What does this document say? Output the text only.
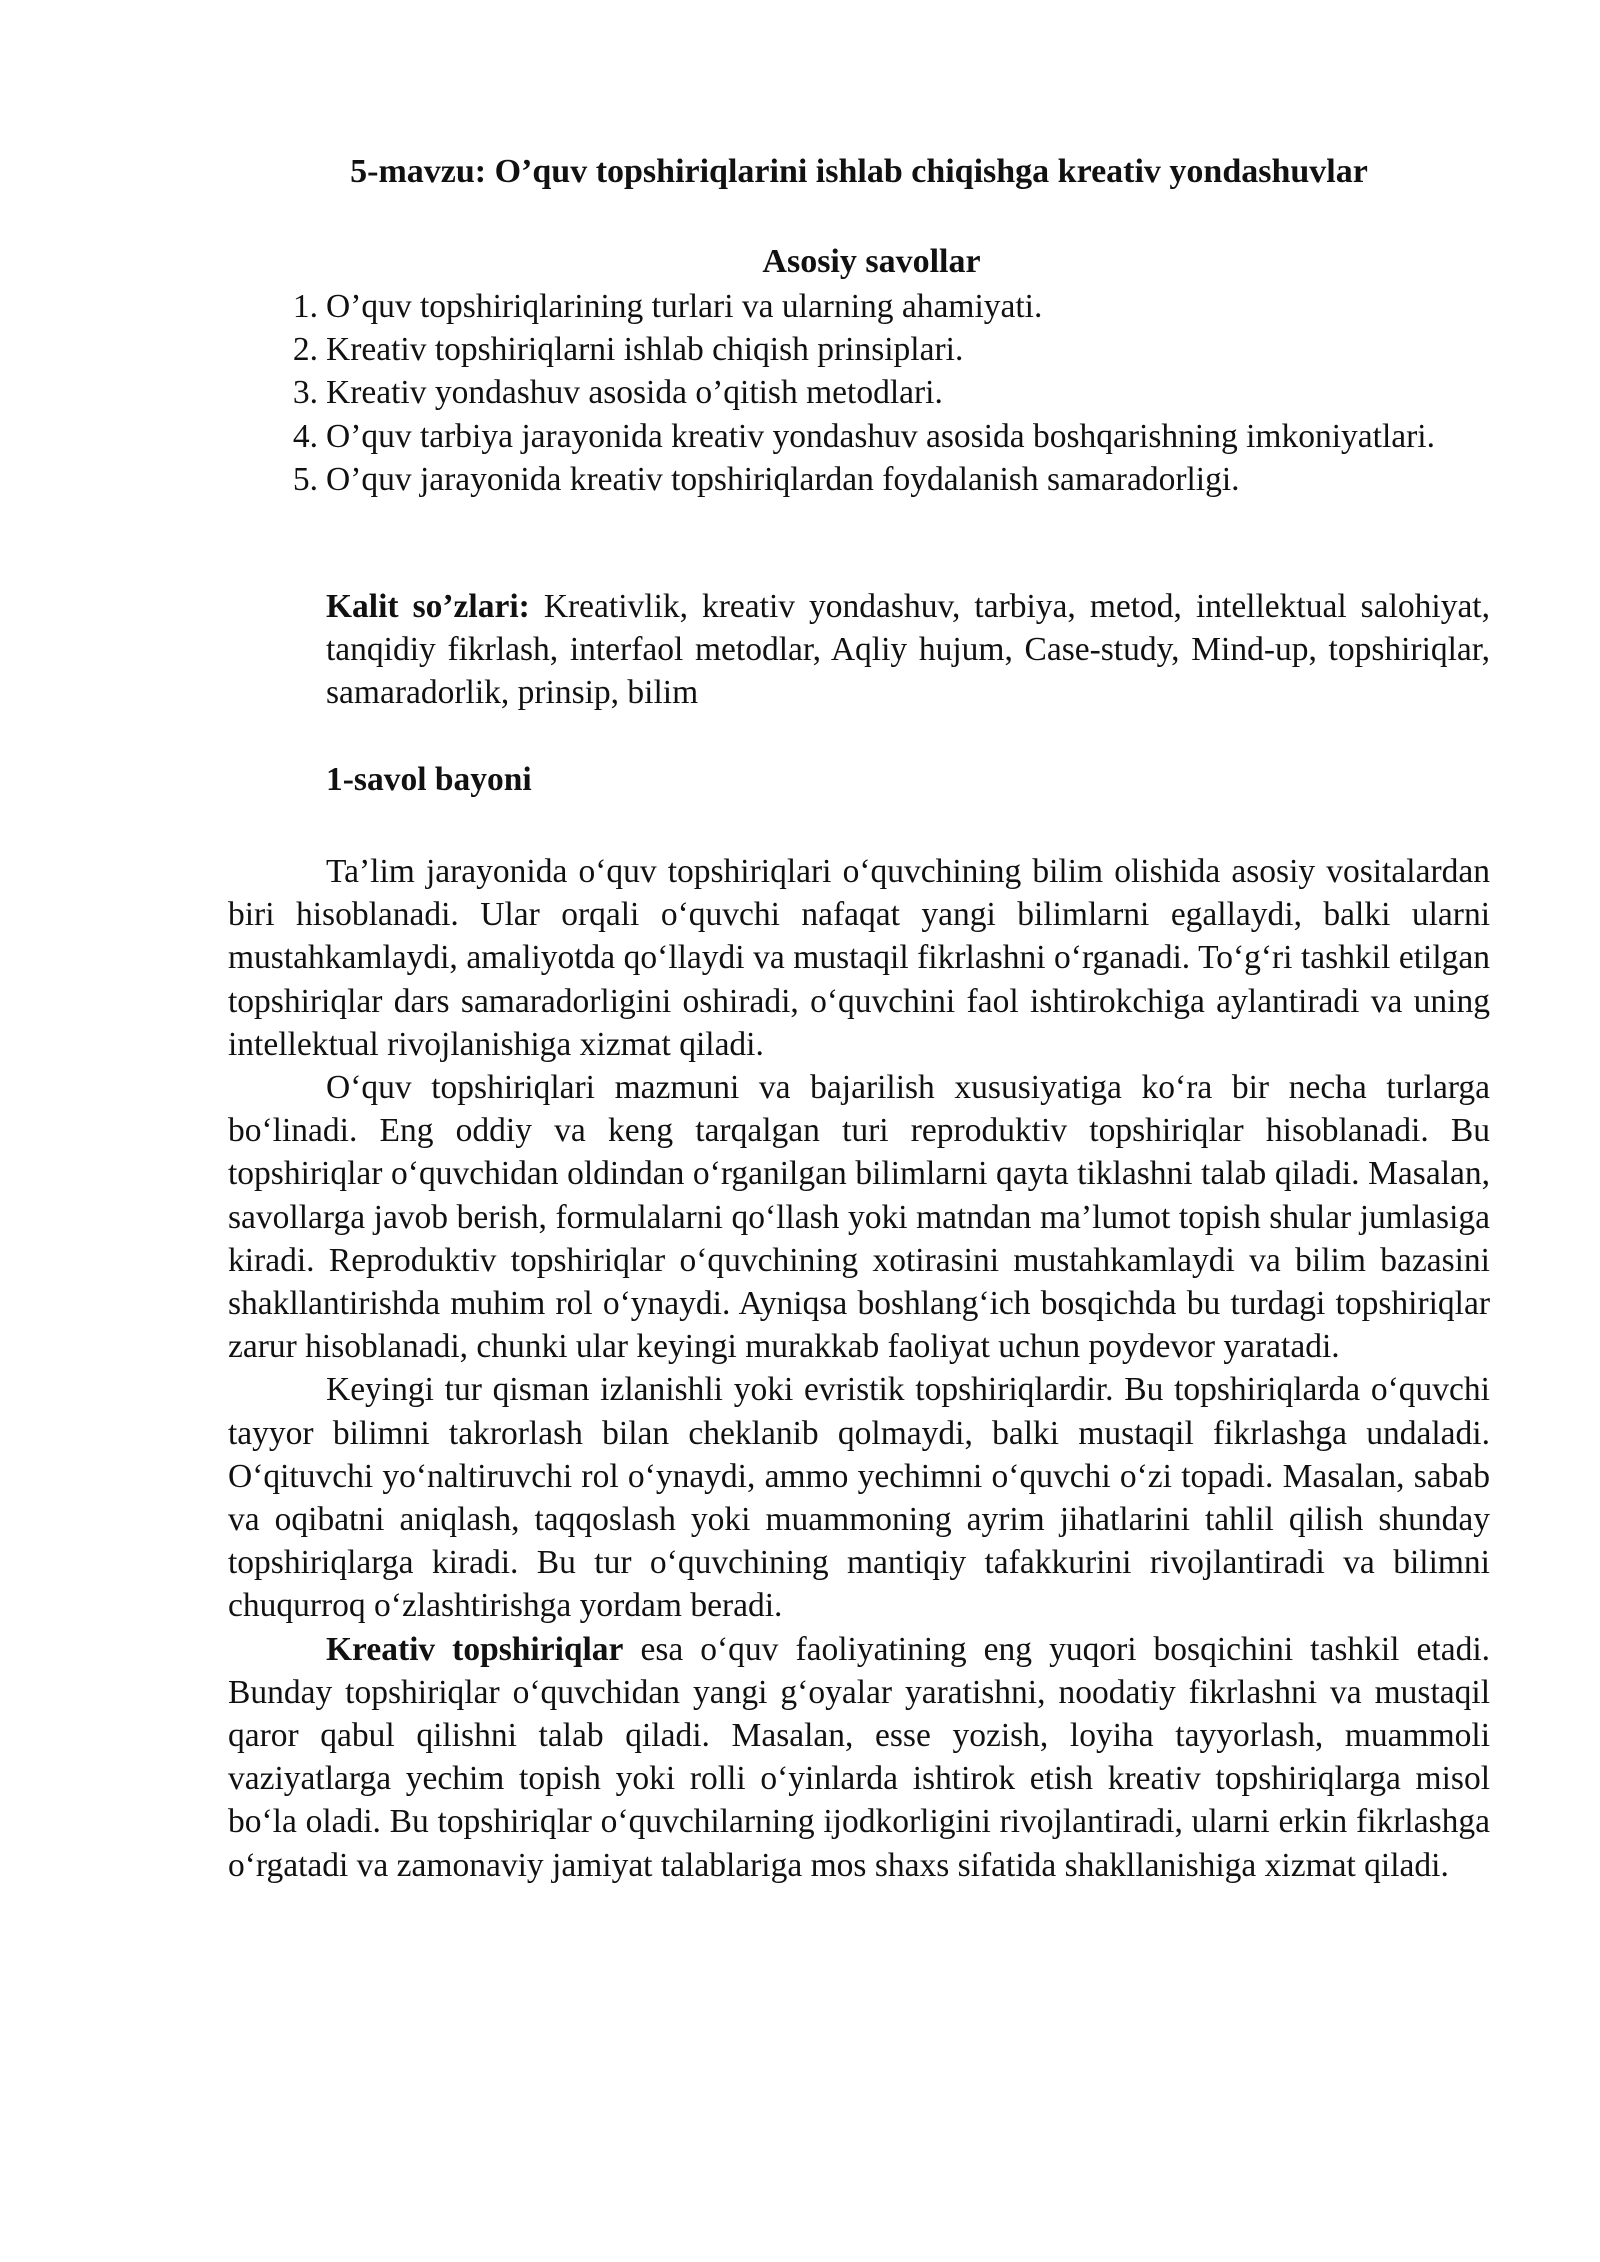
5-mavzu: O’quv topshiriqlarini ishlab chiqishga kreativ yondashuvlar
Asosiy savollar
1. O’quv topshiriqlarining turlari va ularning ahamiyati.
2. Kreativ topshiriqlarni ishlab chiqish prinsiplari.
3. Kreativ yondashuv asosida o’qitish metodlari.
4. O’quv tarbiya jarayonida kreativ yondashuv asosida boshqarishning imkoniyatlari.
5. O’quv jarayonida kreativ topshiriqlardan foydalanish samaradorligi.

Kalit so’zlari: Kreativlik, kreativ yondashuv, tarbiya, metod, intellektual salohiyat, tanqidiy fikrlash, interfaol metodlar, Aqliy hujum, Case-study, Mind-up, topshiriqlar, samaradorlik, prinsip, bilim

1-savol bayoni

Ta’lim jarayonida o‘quv topshiriqlari o‘quvchining bilim olishida asosiy vositalardan biri hisoblanadi. Ular orqali o‘quvchi nafaqat yangi bilimlarni egallaydi, balki ularni mustahkamlaydi, amaliyotda qo‘llaydi va mustaqil fikrlashni o‘rganadi. To‘g‘ri tashkil etilgan topshiriqlar dars samaradorligini oshiradi, o‘quvchini faol ishtirokchiga aylantiradi va uning intellektual rivojlanishiga xizmat qiladi.

O‘quv topshiriqlari mazmuni va bajarilish xususiyatiga ko‘ra bir necha turlarga bo‘linadi. Eng oddiy va keng tarqalgan turi reproduktiv topshiriqlar hisoblanadi. Bu topshiriqlar o‘quvchidan oldindan o‘rganilgan bilimlarni qayta tiklashni talab qiladi. Masalan, savollarga javob berish, formulalarni qo‘llash yoki matndan ma’lumot topish shular jumlasiga kiradi. Reproduktiv topshiriqlar o‘quvchining xotirasini mustahkamlaydi va bilim bazasini shakllantirishda muhim rol o‘ynaydi. Ayniqsa boshlang‘ich bosqichda bu turdagi topshiriqlar zarur hisoblanadi, chunki ular keyingi murakkab faoliyat uchun poydevor yaratadi.

Keyingi tur qisman izlanishli yoki evristik topshiriqlardir. Bu topshiriqlarda o‘quvchi tayyor bilimni takrorlash bilan cheklanib qolmaydi, balki mustaqil fikrlashga undaladi. O‘qituvchi yo‘naltiruvchi rol o‘ynaydi, ammo yechimni o‘quvchi o‘zi topadi. Masalan, sabab va oqibatni aniqlash, taqqoslash yoki muammoning ayrim jihatlarini tahlil qilish shunday topshiriqlarga kiradi. Bu tur o‘quvchining mantiqiy tafakkurini rivojlantiradi va bilimni chuqurroq o‘zlashtirishga yordam beradi.

Kreativ topshiriqlar esa o‘quv faoliyatining eng yuqori bosqichini tashkil etadi. Bunday topshiriqlar o‘quvchidan yangi g‘oyalar yaratishni, noodatiy fikrlashni va mustaqil qaror qabul qilishni talab qiladi. Masalan, esse yozish, loyiha tayyorlash, muammoli vaziyatlarga yechim topish yoki rolli o‘yinlarda ishtirok etish kreativ topshiriqlarga misol bo‘la oladi. Bu topshiriqlar o‘quvchilarning ijodkorligini rivojlantiradi, ularni erkin fikrlashga o‘rgatadi va zamonaviy jamiyat talablariga mos shaxs sifatida shakllanishiga xizmat qiladi.
